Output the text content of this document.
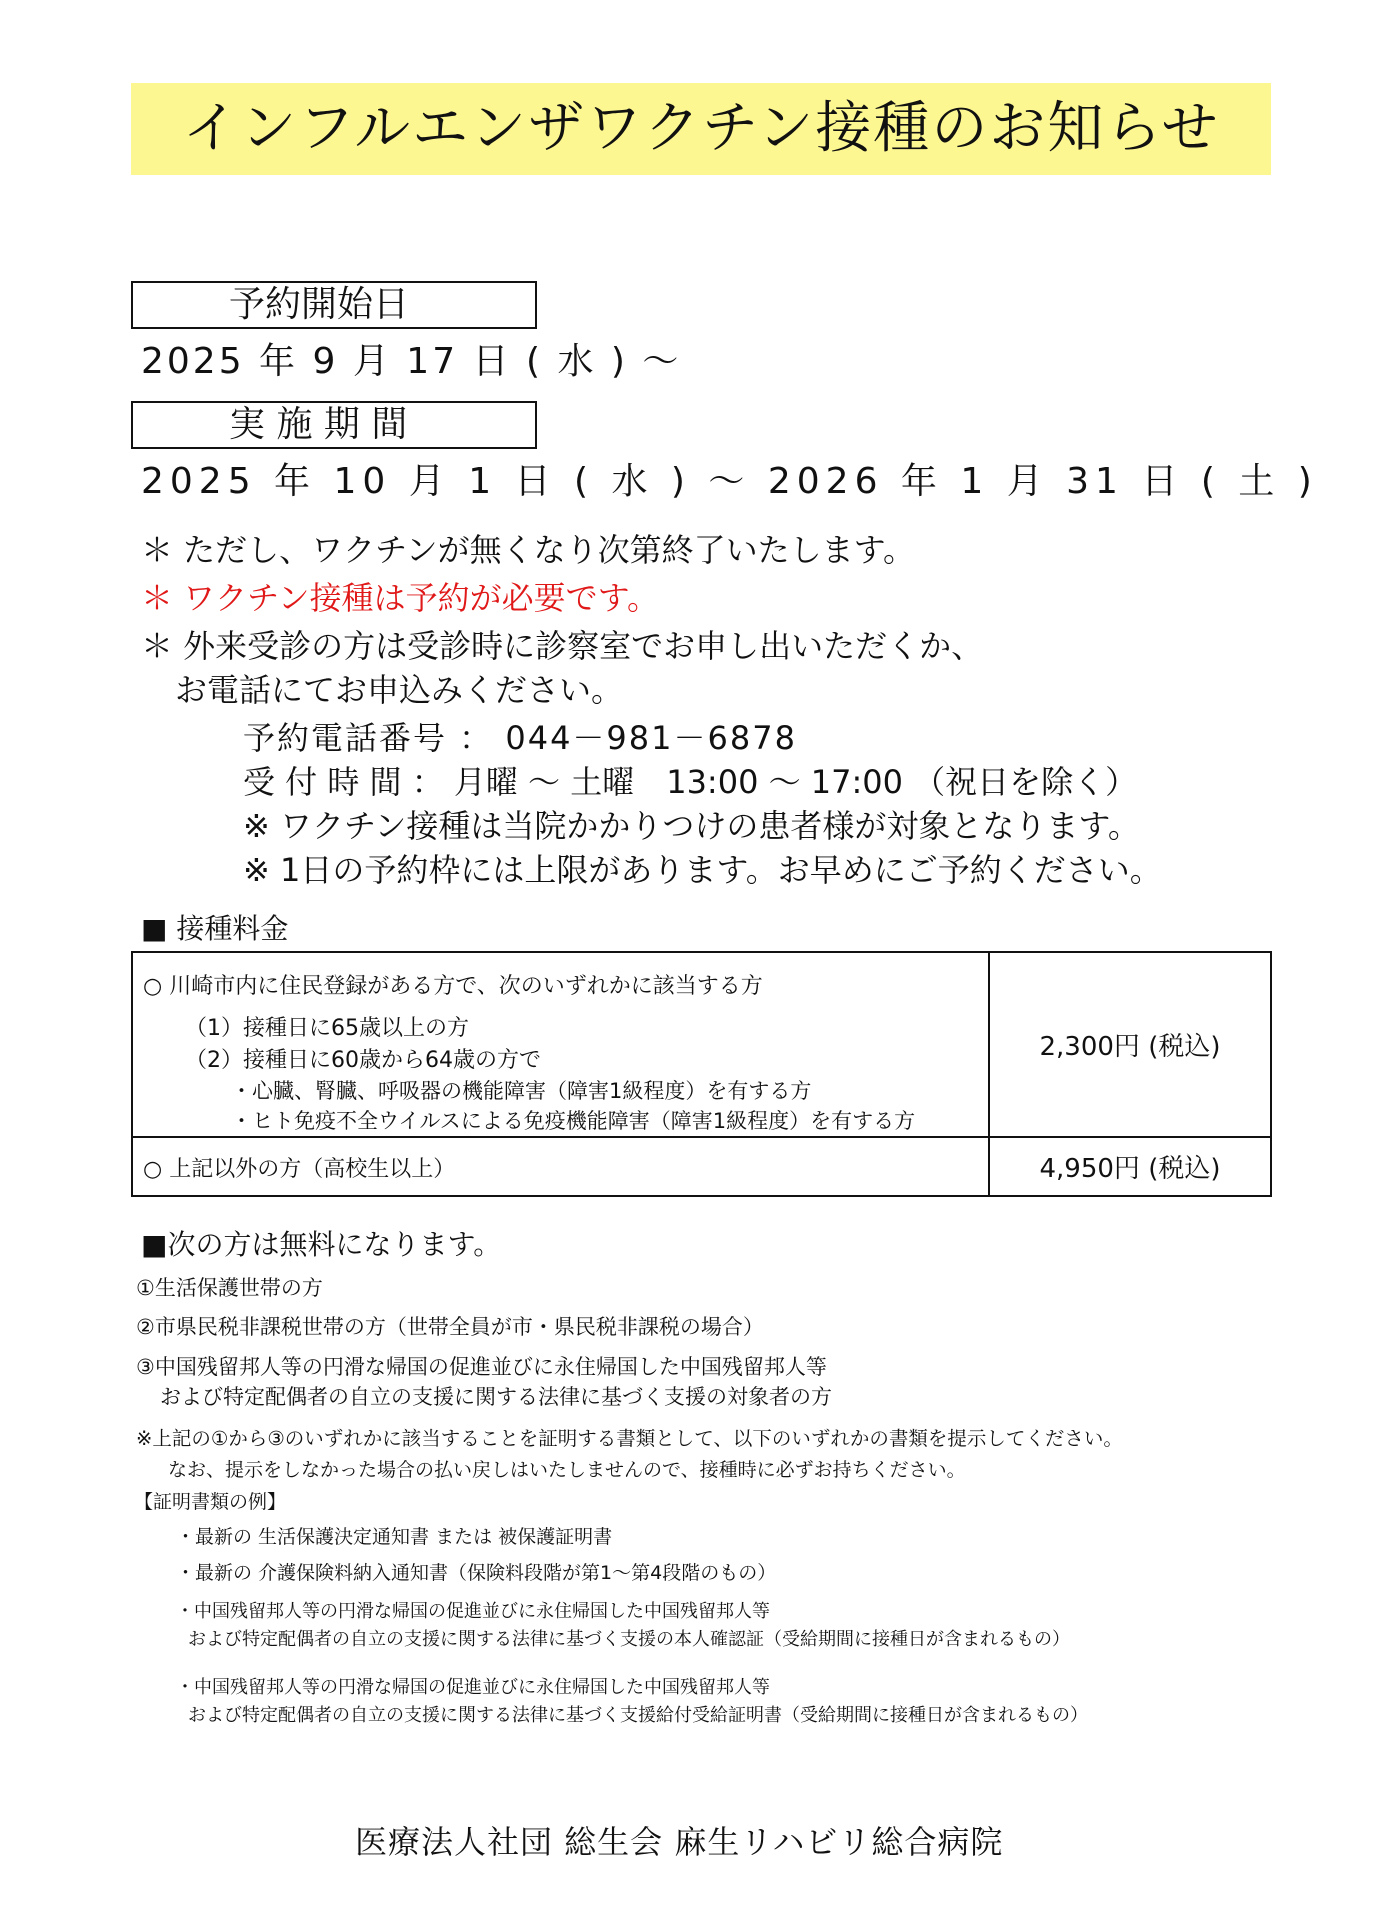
インフルエンザワクチン接種のお知らせ
予約開始日
2025 年 9 月 17 日 ( 水 ) ～
実 施 期 間
2025 年 10 月 1 日 ( 水 ) ～ 2026 年 1 月 31 日 ( 土 )
＊ ただし、ワクチンが無くなり次第終了いたします。
＊ ワクチン接種は予約が必要です。
＊ 外来受診の方は受診時に診察室でお申し出いただくか、
お電話にてお申込みください。
予約電話番号 ： 044－981－6878
受 付 時 間 ： 月曜 ～ 土曜　13:00 ～ 17:00 （祝日を除く）
※ ワクチン接種は当院かかりつけの患者様が対象となります。
※ 1日の予約枠には上限があります。お早めにご予約ください。
■ 接種料金
○ 川崎市内に住民登録がある方で、次のいずれかに該当する方
（1）接種日に65歳以上の方
（2）接種日に60歳から64歳の方で
・心臓、腎臓、呼吸器の機能障害（障害1級程度）を有する方
・ヒト免疫不全ウイルスによる免疫機能障害（障害1級程度）を有する方	2,300円 (税込)

○ 上記以外の方（高校生以上）	4,950円 (税込)
■次の方は無料になります。
①生活保護世帯の方
②市県民税非課税世帯の方（世帯全員が市・県民税非課税の場合）
③中国残留邦人等の円滑な帰国の促進並びに永住帰国した中国残留邦人等
および特定配偶者の自立の支援に関する法律に基づく支援の対象者の方
※上記の①から③のいずれかに該当することを証明する書類として、以下のいずれかの書類を提示してください。
なお、提示をしなかった場合の払い戻しはいたしませんので、接種時に必ずお持ちください。
【証明書類の例】
・最新の 生活保護決定通知書 または 被保護証明書
・最新の 介護保険料納入通知書（保険料段階が第1～第4段階のもの）
・中国残留邦人等の円滑な帰国の促進並びに永住帰国した中国残留邦人等
および特定配偶者の自立の支援に関する法律に基づく支援の本人確認証（受給期間に接種日が含まれるもの）
・中国残留邦人等の円滑な帰国の促進並びに永住帰国した中国残留邦人等
および特定配偶者の自立の支援に関する法律に基づく支援給付受給証明書（受給期間に接種日が含まれるもの）
医療法人社団 総生会 麻生リハビリ総合病院
